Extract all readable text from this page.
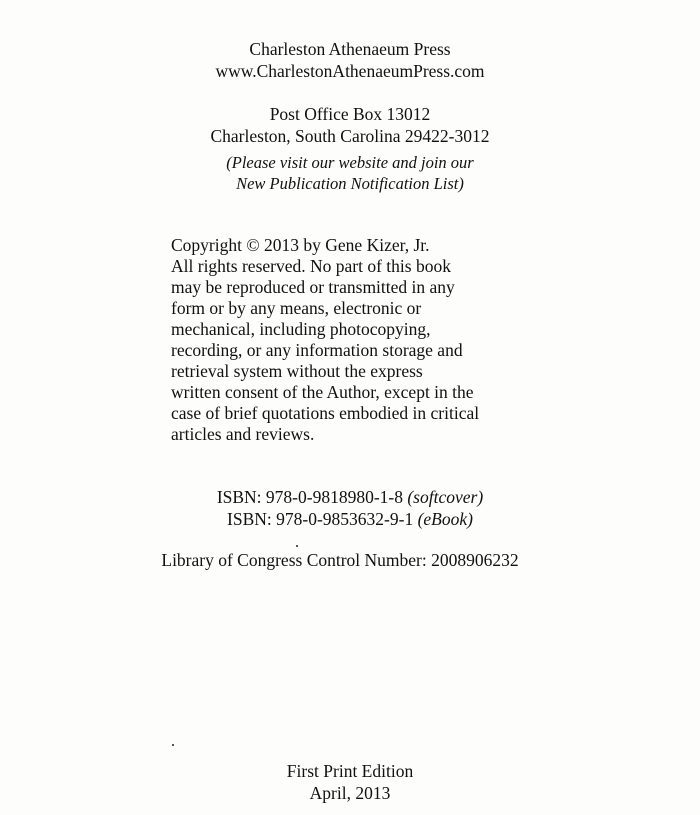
Charleston Athenaeum Press
www.CharlestonAthenaeumPress.com
Post Office Box 13012
Charleston, South Carolina 29422-3012
(Please visit our website and join our
New Publication Notification List)
Copyright © 2013 by Gene Kizer, Jr.
All rights reserved. No part of this book
may be reproduced or transmitted in any
form or by any means, electronic or
mechanical, including photocopying,
recording, or any information storage and
retrieval system without the express
written consent of the Author, except in the
case of brief quotations embodied in critical
articles and reviews.
ISBN: 978-0-9818980-1-8 (softcover)
ISBN: 978-0-9853632-9-1 (eBook)
Library of Congress Control Number: 2008906232
First Print Edition
April, 2013
